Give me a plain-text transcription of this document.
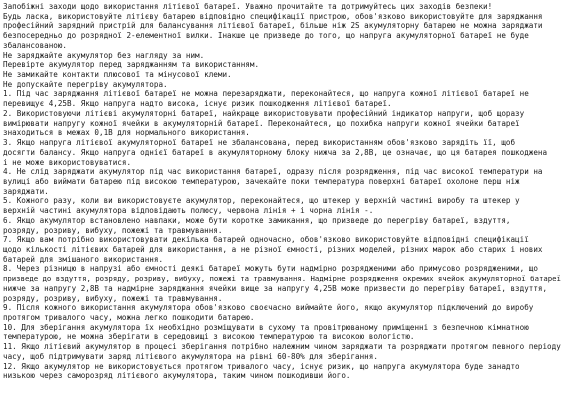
Запобіжні заходи щодо використання літієвої батареї. Уважно прочитайте та дотримуйтесь цих заходів безпеки!
Будь ласка, використовуйте літієву батарею відповідно специфікації пристрою, обов'язково використовуйте для заряджання
професійний зарядний пристрій для балансування літієвої батареї, більше ніж 2S акумуляторну батарею не можна заряджати
безпосередньо до розрядної 2-елементної вилки. Інакше це призведе до того, що напруга акумуляторної батареї не буде
збалансованою.
Не заряджайте акумулятор без нагляду за ним.
Перевірте акумулятор перед заряджанням та використанням.
Не замикайте контакти плюсової та мінусової клеми.
Не допускайте перегріву акумулятора.
1. Під час заряджання літієвої батареї не можна перезаряджати, переконайтеся, що напруга кожної літієвої батареї не
перевищує 4,25В. Якщо напруга надто висока, існує ризик пошкодження літієвої батареї.
2. Використовуючи літієві акумуляторні батареї, найкраще використовувати професійний індикатор напруги, щоб щоразу
вимірювати напругу кожної ячейки в акумуляторній батареї. Переконайтеся, що похибка напруги кожної ячейки батареї
знаходиться в межах 0,1В для нормального використання.
3. Якщо напруга літієвої акумуляторної батареї не збалансована, перед використанням обов'язково зарядіть її, щоб
досягти балансу. Якщо напруга однієї батареї в акумуляторному блоку нижча за 2,8В, це означає, що ця батарея пошкоджена
і не може використовуватися.
4. Не слід заряджати акумулятор під час використання батареї, одразу після розрядження, під час високої температури на
вулиці або виймати батарею під високою температурою, зачекайте поки температура поверхні батареї охолоне перш ніж
заряджати.
5. Кожного разу, коли ви використовуєте акумулятор, переконайтеся, що штекер у верхній частині виробу та штекер у
верхній частині акумулятора відповідають полюсу, червона лінія + і чорна лінія -.
6. Якщо акумулятор встановлено навпаки, може бути коротке замикання, що призведе до перегріву батареї, вздуття,
розряду, розриву, вибуху, пожежі та травмування.
7. Якщо вам потрібно використовувати декілька батарей одночасно, обов'язково використовуйте відповідні специфікації
щодо кількості літієвих батарей для використання, а не різної ємності, різних моделей, різних марок або старих і нових
батарей для змішаного використання.
8. Через різницю в напрузі або ємності деякі батареї можуть бути надмірно розрядженими або примусово розрядженими, що
призведе до вздуття, розряду, розриву, вибуху, пожежі та травмування. Надмірне розрядження окремих ячейок акумуляторної батареї
нижче за напругу 2,8В та надмірне заряджання ячейки вище за напругу 4,25В може призвести до перегріву батареї, вздуття,
розряду, розриву, вибуху, пожежі та травмування.
9. Після кожного використання акумулятора обов'язково своєчасно виймайте його, якщо акумулятор підключений до виробу
протягом тривалого часу, можна легко пошкодити батарею.
10. Для зберігання акумулятора їх необхідно розміщувати в сухому та провітрюваному приміщенні з безпечною кімнатною
температурою, не можна зберігати в середовищі з високою температурою та високою вологістю.
11. Якщо літієвий акумулятор в процесі зберігання потрібно належним чином заряджати та розряджати протягом певного періоду
часу, щоб підтримувати заряд літієвого акумулятора на рівні 60-80% для зберігання.
12. Якщо акумулятор не використовується протягом тривалого часу, існує ризик, що напруга акумулятора буде занадто
низькою через саморозряд літієвого акумулятора, таким чином пошкодивши його.
